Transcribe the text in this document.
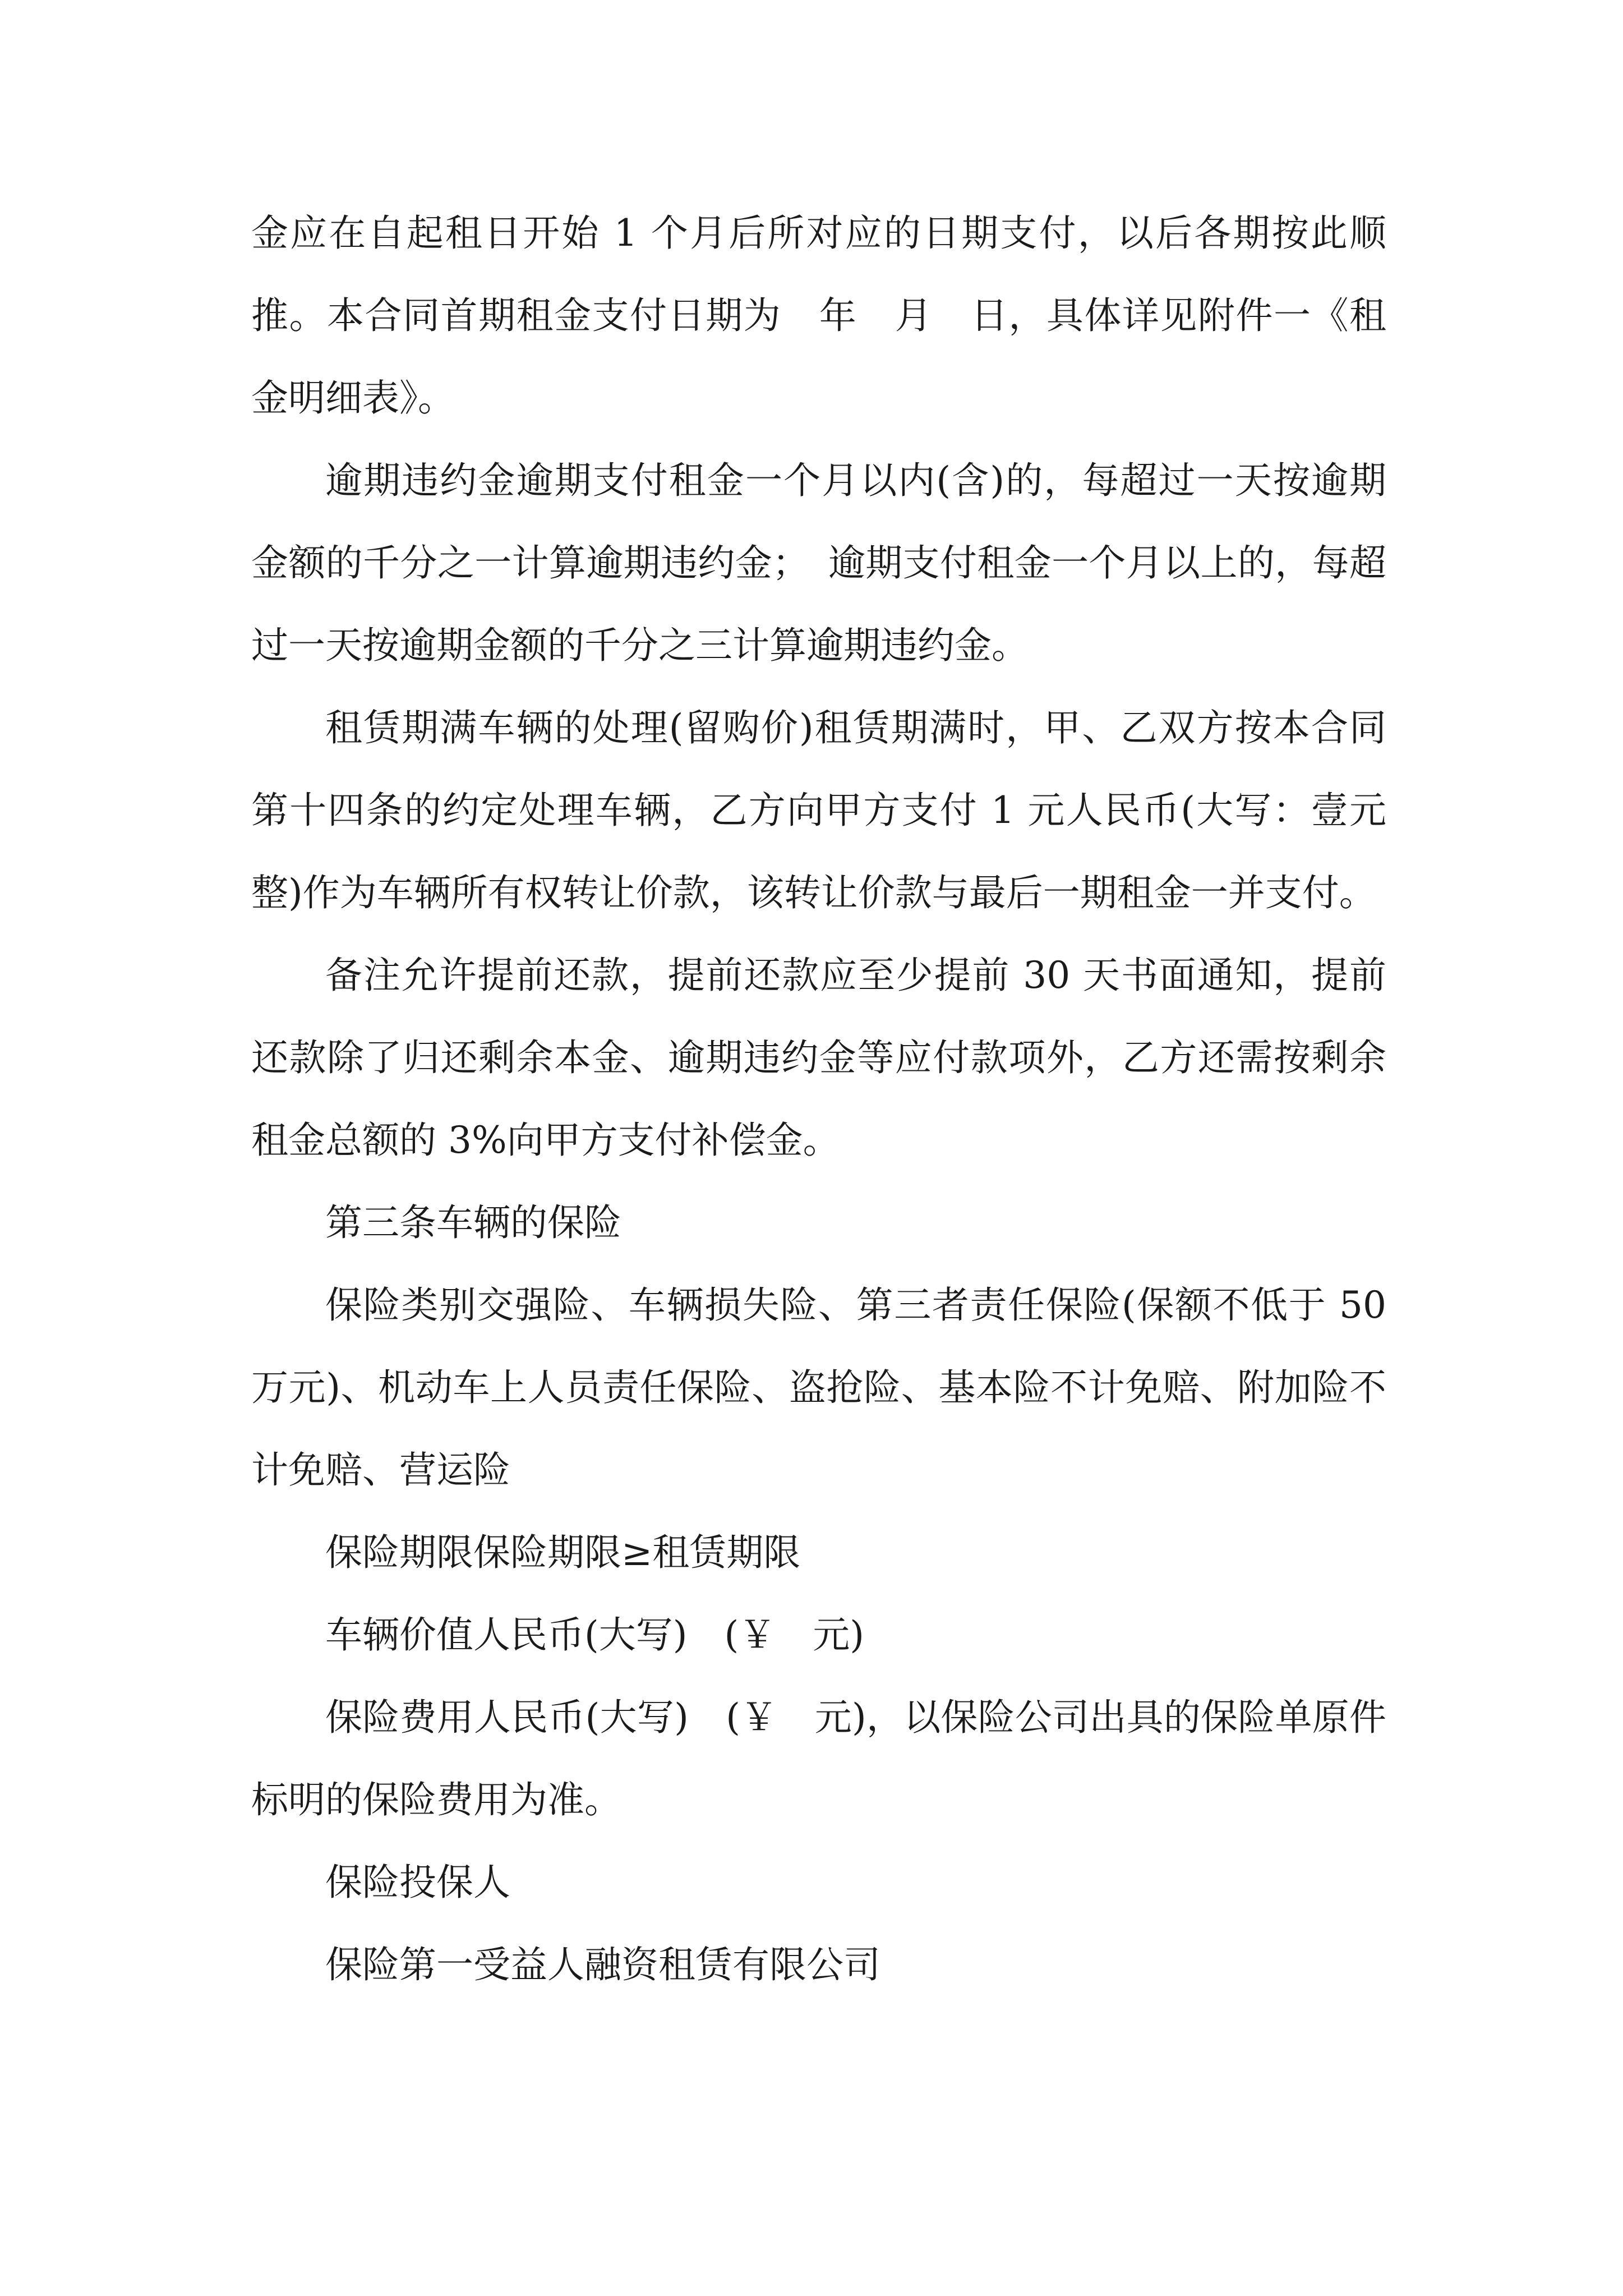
金应在自起租日开始 1 个月后所对应的日期支付，以后各期按此顺推。本合同首期租金支付日期为　年　月　日，具体详见附件一《租金明细表》。

逾期违约金逾期支付租金一个月以内(含)的，每超过一天按逾期金额的千分之一计算逾期违约金；　逾期支付租金一个月以上的，每超过一天按逾期金额的千分之三计算逾期违约金。

租赁期满车辆的处理(留购价)租赁期满时，甲、乙双方按本合同第十四条的约定处理车辆，乙方向甲方支付 1 元人民币(大写：壹元整)作为车辆所有权转让价款，该转让价款与最后一期租金一并支付。

备注允许提前还款，提前还款应至少提前 30 天书面通知，提前还款除了归还剩余本金、逾期违约金等应付款项外，乙方还需按剩余租金总额的 3%向甲方支付补偿金。

第三条车辆的保险

保险类别交强险、车辆损失险、第三者责任保险(保额不低于 50 万元)、机动车上人员责任保险、盗抢险、基本险不计免赔、附加险不计免赔、营运险

保险期限保险期限≥租赁期限

车辆价值人民币(大写)　(￥　元)

保险费用人民币(大写)　(￥　元)，以保险公司出具的保险单原件标明的保险费用为准。

保险投保人

保险第一受益人融资租赁有限公司
